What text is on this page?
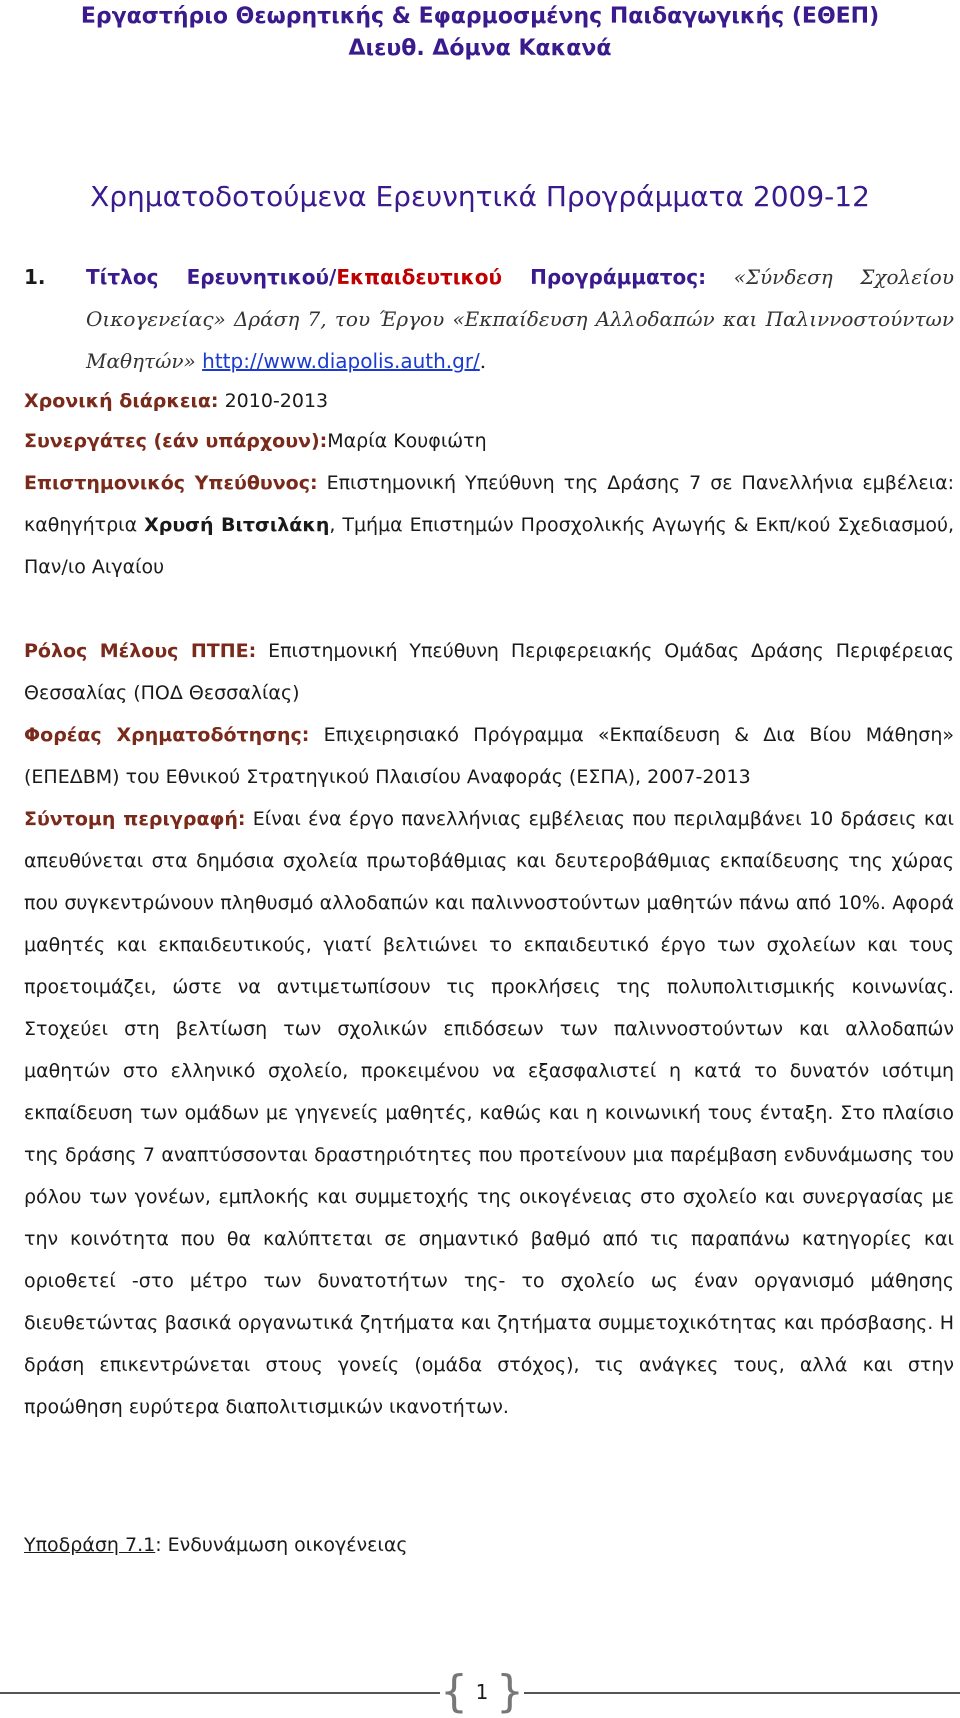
Εργαστήριο Θεωρητικής & Εφαρμοσμένης Παιδαγωγικής (ΕΘΕΠ)
Διευθ. Δόμνα Κακανά
Χρηματοδοτούμενα Ερευνητικά Προγράμματα 2009-12
1. Τίτλος Ερευνητικού/Εκπαιδευτικού Προγράμματος: «Σύνδεση Σχολείου
Οικογενείας» Δράση 7, του Έργου «Εκπαίδευση Αλλοδαπών και Παλιννοστούντων Μαθητών» http://www.diapolis.auth.gr/.
Χρονική διάρκεια: 2010-2013
Συνεργάτες (εάν υπάρχουν):Μαρία Κουφιώτη
Επιστημονικός Υπεύθυνος: Επιστημονική Υπεύθυνη της Δράσης 7 σε Πανελλήνια εμβέλεια: καθηγήτρια Χρυσή Βιτσιλάκη, Τμήμα Επιστημών Προσχολικής Αγωγής & Εκπ/κού Σχεδιασμού, Παν/ιο Αιγαίου
Ρόλος Μέλους ΠΤΠΕ: Επιστημονική Υπεύθυνη Περιφερειακής Ομάδας Δράσης Περιφέρειας Θεσσαλίας (ΠΟΔ Θεσσαλίας)
Φορέας Χρηματοδότησης: Επιχειρησιακό Πρόγραμμα «Εκπαίδευση & Δια Βίου Μάθηση» (ΕΠΕΔΒΜ) του Εθνικού Στρατηγικού Πλαισίου Αναφοράς (ΕΣΠΑ), 2007-2013
Σύντομη περιγραφή: Είναι ένα έργο πανελλήνιας εμβέλειας που περιλαμβάνει 10 δράσεις και απευθύνεται στα δημόσια σχολεία πρωτοβάθμιας και δευτεροβάθμιας εκπαίδευσης της χώρας που συγκεντρώνουν πληθυσμό αλλοδαπών και παλιννοστούντων μαθητών πάνω από 10%. Αφορά μαθητές και εκπαιδευτικούς, γιατί βελτιώνει το εκπαιδευτικό έργο των σχολείων και τους προετοιμάζει, ώστε να αντιμετωπίσουν τις προκλήσεις της πολυπολιτισμικής κοινωνίας. Στοχεύει στη βελτίωση των σχολικών επιδόσεων των παλιννοστούντων και αλλοδαπών μαθητών στο ελληνικό σχολείο, προκειμένου να εξασφαλιστεί η κατά το δυνατόν ισότιμη εκπαίδευση των ομάδων με γηγενείς μαθητές, καθώς και η κοινωνική τους ένταξη. Στο πλαίσιο της δράσης 7 αναπτύσσονται δραστηριότητες που προτείνουν μια παρέμβαση ενδυνάμωσης του ρόλου των γονέων, εμπλοκής και συμμετοχής της οικογένειας στο σχολείο και συνεργασίας με την κοινότητα που θα καλύπτεται σε σημαντικό βαθμό από τις παραπάνω κατηγορίες και οριοθετεί -στο μέτρο των δυνατοτήτων της- το σχολείο ως έναν οργανισμό μάθησης διευθετώντας βασικά οργανωτικά ζητήματα και ζητήματα συμμετοχικότητας και πρόσβασης. Η δράση επικεντρώνεται στους γονείς (ομάδα στόχος), τις ανάγκες τους, αλλά και στην προώθηση ευρύτερα διαπολιτισμικών ικανοτήτων.
Υποδράση 7.1: Ενδυνάμωση οικογένειας
{ }
1
